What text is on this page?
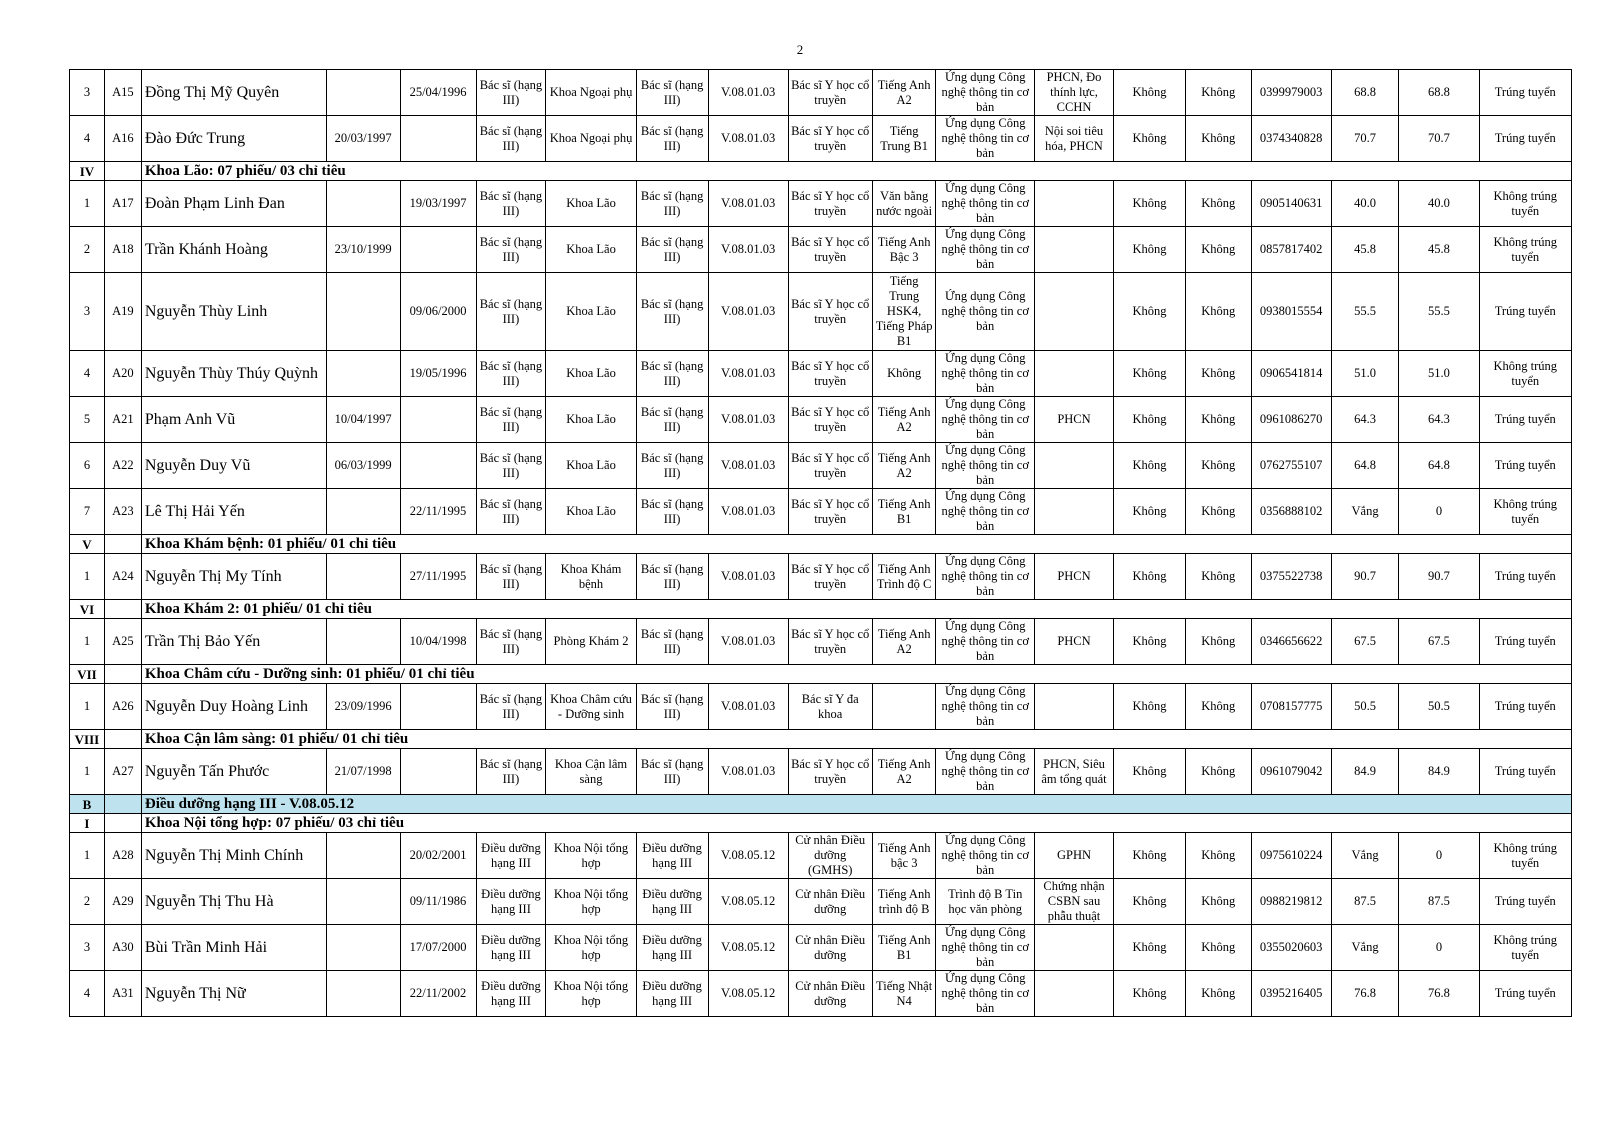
2
3	A15	Đồng Thị Mỹ Quyên		25/04/1996	Bác sĩ (hạng III)	Khoa Ngoại phụ	Bác sĩ (hạng III)	V.08.01.03	Bác sĩ Y học cổ truyền	Tiếng Anh A2	Ứng dụng Công nghệ thông tin cơ bản	PHCN, Đo thính lực, CCHN	Không	Không	0399979003	68.8	68.8	Trúng tuyển
4	A16	Đào Đức Trung	20/03/1997		Bác sĩ (hạng III)	Khoa Ngoại phụ	Bác sĩ (hạng III)	V.08.01.03	Bác sĩ Y học cổ truyền	Tiếng Trung B1	Ứng dụng Công nghệ thông tin cơ bản	Nội soi tiêu hóa, PHCN	Không	Không	0374340828	70.7	70.7	Trúng tuyển
IV		Khoa Lão: 07 phiếu/ 03 chỉ tiêu																
1	A17	Đoàn Phạm Linh Đan		19/03/1997	Bác sĩ (hạng III)	Khoa Lão	Bác sĩ (hạng III)	V.08.01.03	Bác sĩ Y học cổ truyền	Văn bằng nước ngoài	Ứng dụng Công nghệ thông tin cơ bản		Không	Không	0905140631	40.0	40.0	Không trúng tuyển
2	A18	Trần Khánh Hoàng	23/10/1999		Bác sĩ (hạng III)	Khoa Lão	Bác sĩ (hạng III)	V.08.01.03	Bác sĩ Y học cổ truyền	Tiếng Anh Bậc 3	Ứng dụng Công nghệ thông tin cơ bản		Không	Không	0857817402	45.8	45.8	Không trúng tuyển
3	A19	Nguyễn Thùy Linh		09/06/2000	Bác sĩ (hạng III)	Khoa Lão	Bác sĩ (hạng III)	V.08.01.03	Bác sĩ Y học cổ truyền	Tiếng Trung HSK4, Tiếng Pháp B1	Ứng dụng Công nghệ thông tin cơ bản		Không	Không	0938015554	55.5	55.5	Trúng tuyển
4	A20	Nguyễn Thùy Thúy Quỳnh		19/05/1996	Bác sĩ (hạng III)	Khoa Lão	Bác sĩ (hạng III)	V.08.01.03	Bác sĩ Y học cổ truyền	Không	Ứng dụng Công nghệ thông tin cơ bản		Không	Không	0906541814	51.0	51.0	Không trúng tuyển
5	A21	Phạm Anh Vũ	10/04/1997		Bác sĩ (hạng III)	Khoa Lão	Bác sĩ (hạng III)	V.08.01.03	Bác sĩ Y học cổ truyền	Tiếng Anh A2	Ứng dụng Công nghệ thông tin cơ bản	PHCN	Không	Không	0961086270	64.3	64.3	Trúng tuyển
6	A22	Nguyễn Duy Vũ	06/03/1999		Bác sĩ (hạng III)	Khoa Lão	Bác sĩ (hạng III)	V.08.01.03	Bác sĩ Y học cổ truyền	Tiếng Anh A2	Ứng dụng Công nghệ thông tin cơ bản		Không	Không	0762755107	64.8	64.8	Trúng tuyển
7	A23	Lê Thị Hải Yến		22/11/1995	Bác sĩ (hạng III)	Khoa Lão	Bác sĩ (hạng III)	V.08.01.03	Bác sĩ Y học cổ truyền	Tiếng Anh B1	Ứng dụng Công nghệ thông tin cơ bản		Không	Không	0356888102	Vắng	0	Không trúng tuyển
V		Khoa Khám bệnh: 01 phiếu/ 01 chỉ tiêu																
1	A24	Nguyễn Thị My Tính		27/11/1995	Bác sĩ (hạng III)	Khoa Khám bệnh	Bác sĩ (hạng III)	V.08.01.03	Bác sĩ Y học cổ truyền	Tiếng Anh Trình độ C	Ứng dụng Công nghệ thông tin cơ bản	PHCN	Không	Không	0375522738	90.7	90.7	Trúng tuyển
VI		Khoa Khám 2: 01 phiếu/ 01 chỉ tiêu																
1	A25	Trần Thị Bảo Yến		10/04/1998	Bác sĩ (hạng III)	Phòng Khám 2	Bác sĩ (hạng III)	V.08.01.03	Bác sĩ Y học cổ truyền	Tiếng Anh A2	Ứng dụng Công nghệ thông tin cơ bản	PHCN	Không	Không	0346656622	67.5	67.5	Trúng tuyển
VII		Khoa Châm cứu - Dưỡng sinh: 01 phiếu/ 01 chỉ tiêu																
1	A26	Nguyễn Duy Hoàng Linh	23/09/1996		Bác sĩ (hạng III)	Khoa Châm cứu - Dưỡng sinh	Bác sĩ (hạng III)	V.08.01.03	Bác sĩ Y đa khoa		Ứng dụng Công nghệ thông tin cơ bản		Không	Không	0708157775	50.5	50.5	Trúng tuyển
VIII		Khoa Cận lâm sàng: 01 phiếu/ 01 chỉ tiêu																
1	A27	Nguyễn Tấn Phước	21/07/1998		Bác sĩ (hạng III)	Khoa Cận lâm sàng	Bác sĩ (hạng III)	V.08.01.03	Bác sĩ Y học cổ truyền	Tiếng Anh A2	Ứng dụng Công nghệ thông tin cơ bản	PHCN, Siêu âm tổng quát	Không	Không	0961079042	84.9	84.9	Trúng tuyển
B		Điều dưỡng hạng III - V.08.05.12																
I		Khoa Nội tổng hợp: 07 phiếu/ 03 chỉ tiêu																
1	A28	Nguyễn Thị Minh Chính		20/02/2001	Điều dưỡng hạng III	Khoa Nội tổng hợp	Điều dưỡng hạng III	V.08.05.12	Cử nhân Điều dưỡng (GMHS)	Tiếng Anh bậc 3	Ứng dụng Công nghệ thông tin cơ bản	GPHN	Không	Không	0975610224	Vắng	0	Không trúng tuyển
2	A29	Nguyễn Thị Thu Hà		09/11/1986	Điều dưỡng hạng III	Khoa Nội tổng hợp	Điều dưỡng hạng III	V.08.05.12	Cử nhân Điều dưỡng	Tiếng Anh trình độ B	Trình độ B Tin học văn phòng	Chứng nhận CSBN sau phẫu thuật	Không	Không	0988219812	87.5	87.5	Trúng tuyển
3	A30	Bùi Trần Minh Hải		17/07/2000	Điều dưỡng hạng III	Khoa Nội tổng hợp	Điều dưỡng hạng III	V.08.05.12	Cử nhân Điều dưỡng	Tiếng Anh B1	Ứng dụng Công nghệ thông tin cơ bản		Không	Không	0355020603	Vắng	0	Không trúng tuyển
4	A31	Nguyễn Thị Nữ		22/11/2002	Điều dưỡng hạng III	Khoa Nội tổng hợp	Điều dưỡng hạng III	V.08.05.12	Cử nhân Điều dưỡng	Tiếng Nhật N4	Ứng dụng Công nghệ thông tin cơ bản		Không	Không	0395216405	76.8	76.8	Trúng tuyển
